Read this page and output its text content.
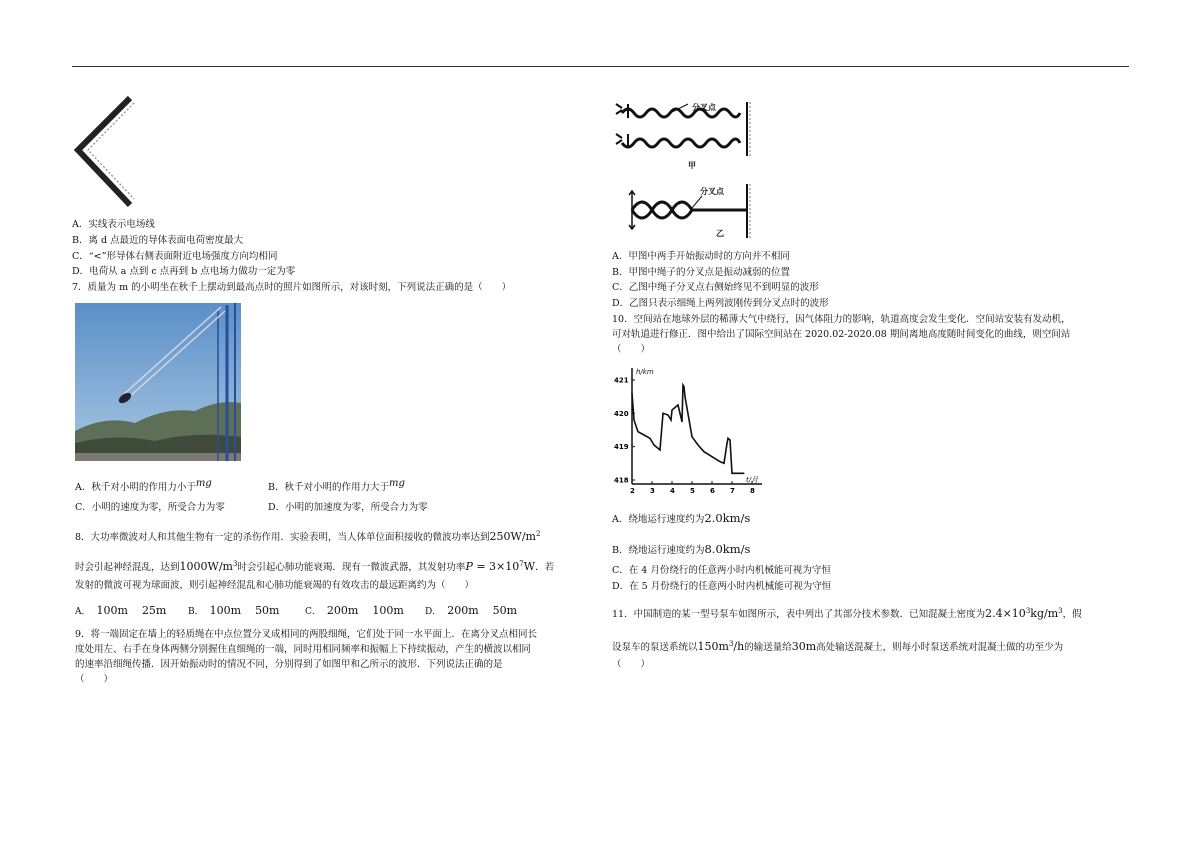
A．实线表示电场线
B．离 d 点最近的导体表面电荷密度最大
C．“<”形导体右侧表面附近电场强度方向均相同
D．电荷从 a 点到 c 点再到 b 点电场力做功一定为零
7．质量为 m 的小明坐在秋千上摆动到最高点时的照片如图所示，对该时刻，下列说法正确的是（　　）
A．秋千对小明的作用力小于$^{mg}$	B．秋千对小明的作用力大于$^{mg}$
C．小明的速度为零，所受合力为零	D．小明的加速度为零，所受合力为零
8．大功率微波对人和其他生物有一定的杀伤作用．实验表明，当人体单位面积接收的微波功率达到$250W/m^2$
时会引起神经混乱，达到$1000W/m^3$时会引起心肺功能衰竭．现有一微波武器，其发射功率$P = 3\times 10^7W$．若
发射的微波可视为球面波，则引起神经混乱和心肺功能衰竭的有效攻击的最远距离约为（　　）
A． 100m 25m B． 100m 50m	C． 200m 100m D． 200m 50m
9．将一端固定在墙上的轻质绳在中点位置分叉成相同的两股细绳，它们处于同一水平面上．在离分叉点相同长
度处用左、右手在身体两侧分别握住直细绳的一端，同时用相同频率和振幅上下持续振动，产生的横波以相同
的速率沿细绳传播．因开始振动时的情况不同，分别得到了如图甲和乙所示的波形．下列说法正确的是
（　　）
分叉点
甲
分叉点
乙
A．甲图中两手开始振动时的方向并不相同
B．甲图中绳子的分叉点是振动减弱的位置
C．乙图中绳子分叉点右侧始终见不到明显的波形
D．乙图只表示细绳上两列波刚传到分叉点时的波形
10．空间站在地球外层的稀薄大气中绕行，因气体阻力的影响，轨道高度会发生变化．空间站安装有发动机，
可对轨道进行修正．图中给出了国际空间站在 2020.02-2020.08 期间离地高度随时间变化的曲线，则空间站
（　　）
h/km
t/月
418
419
420
421
2 3 4 5 6 7 8
A．绕地运行速度约为2.0km/s
B．绕地运行速度约为8.0km/s
C．在 4 月份绕行的任意两小时内机械能可视为守恒
D．在 5 月份绕行的任意两小时内机械能可视为守恒
11．中国制造的某一型号泵车如图所示，表中列出了其部分技术参数．已知混凝土密度为$2.4\times 10^3kg/m^3$，假
设泵车的泵送系统以$150m^3/h$的输送量给30m高处输送混凝土，则每小时泵送系统对混凝土做的功至少为
（　　）
